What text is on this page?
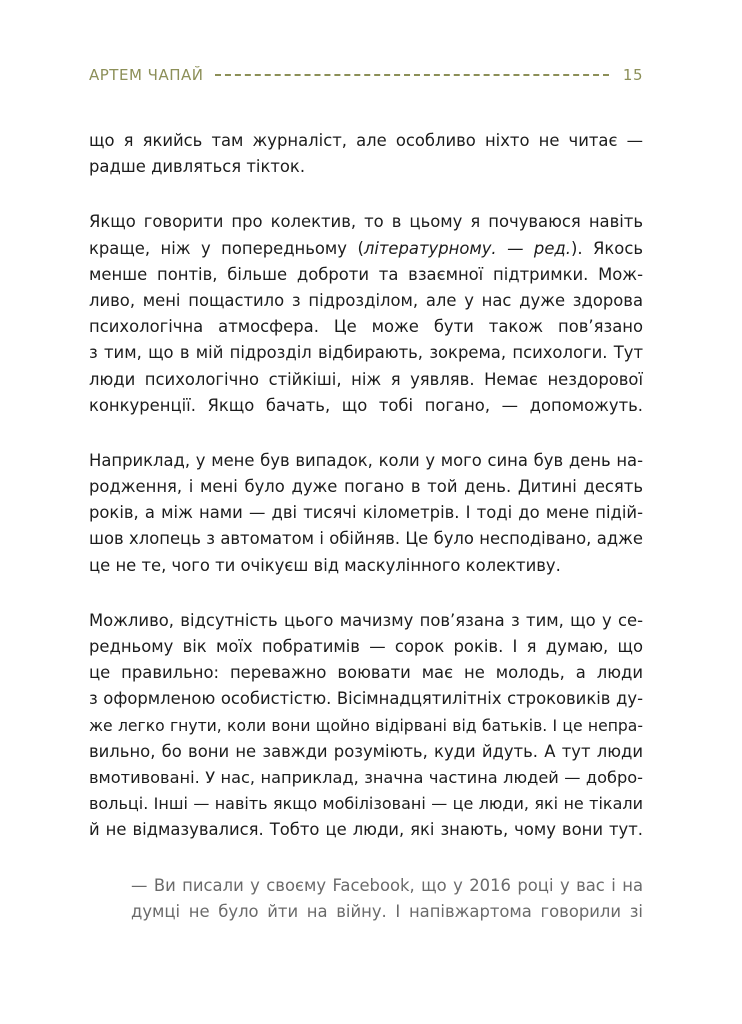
АРТЕМ ЧАПАЙ	15
що я якийсь там журналіст, але особливо ніхто не читає —
радше дивляться тікток.
Якщо говорити про колектив, то в цьому я почуваюся навіть
краще, ніж у попередньому (літературному. — ред.). Якось
менше понтів, більше доброти та взаємної підтримки. Мож-
ливо, мені пощастило з підрозділом, але у нас дуже здорова
психологічна атмосфера. Це може бути також пов’язано
з тим, що в мій підрозділ відбирають, зокрема, психологи. Тут
люди психологічно стійкіші, ніж я уявляв. Немає нездорової
конкуренції. Якщо бачать, що тобі погано, — допоможуть.
Наприклад, у мене був випадок, коли у мого сина був день на-
родження, і мені було дуже погано в той день. Дитині десять
років, а між нами — дві тисячі кілометрів. І тоді до мене підій-
шов хлопець з автоматом і обійняв. Це було несподівано, адже
це не те, чого ти очікуєш від маскулінного колективу.
Можливо, відсутність цього мачизму пов’язана з тим, що у се-
редньому вік моїх побратимів — сорок років. І я думаю, що
це правильно: переважно воювати має не молодь, а люди
з оформленою особистістю. Вісімнадцятилітніх строковиків ду-
же легко гнути, коли вони щойно відірвані від батьків. І це непра-
вильно, бо вони не завжди розуміють, куди йдуть. А тут люди
вмотивовані. У нас, наприклад, значна частина людей — добро-
вольці. Інші — навіть якщо мобілізовані — це люди, які не тікали
й не відмазувалися. Тобто це люди, які знають, чому вони тут.
— Ви писали у своєму Facebook, що у 2016 році у вас і на
думці не було йти на війну. І напівжартома говорили зі
